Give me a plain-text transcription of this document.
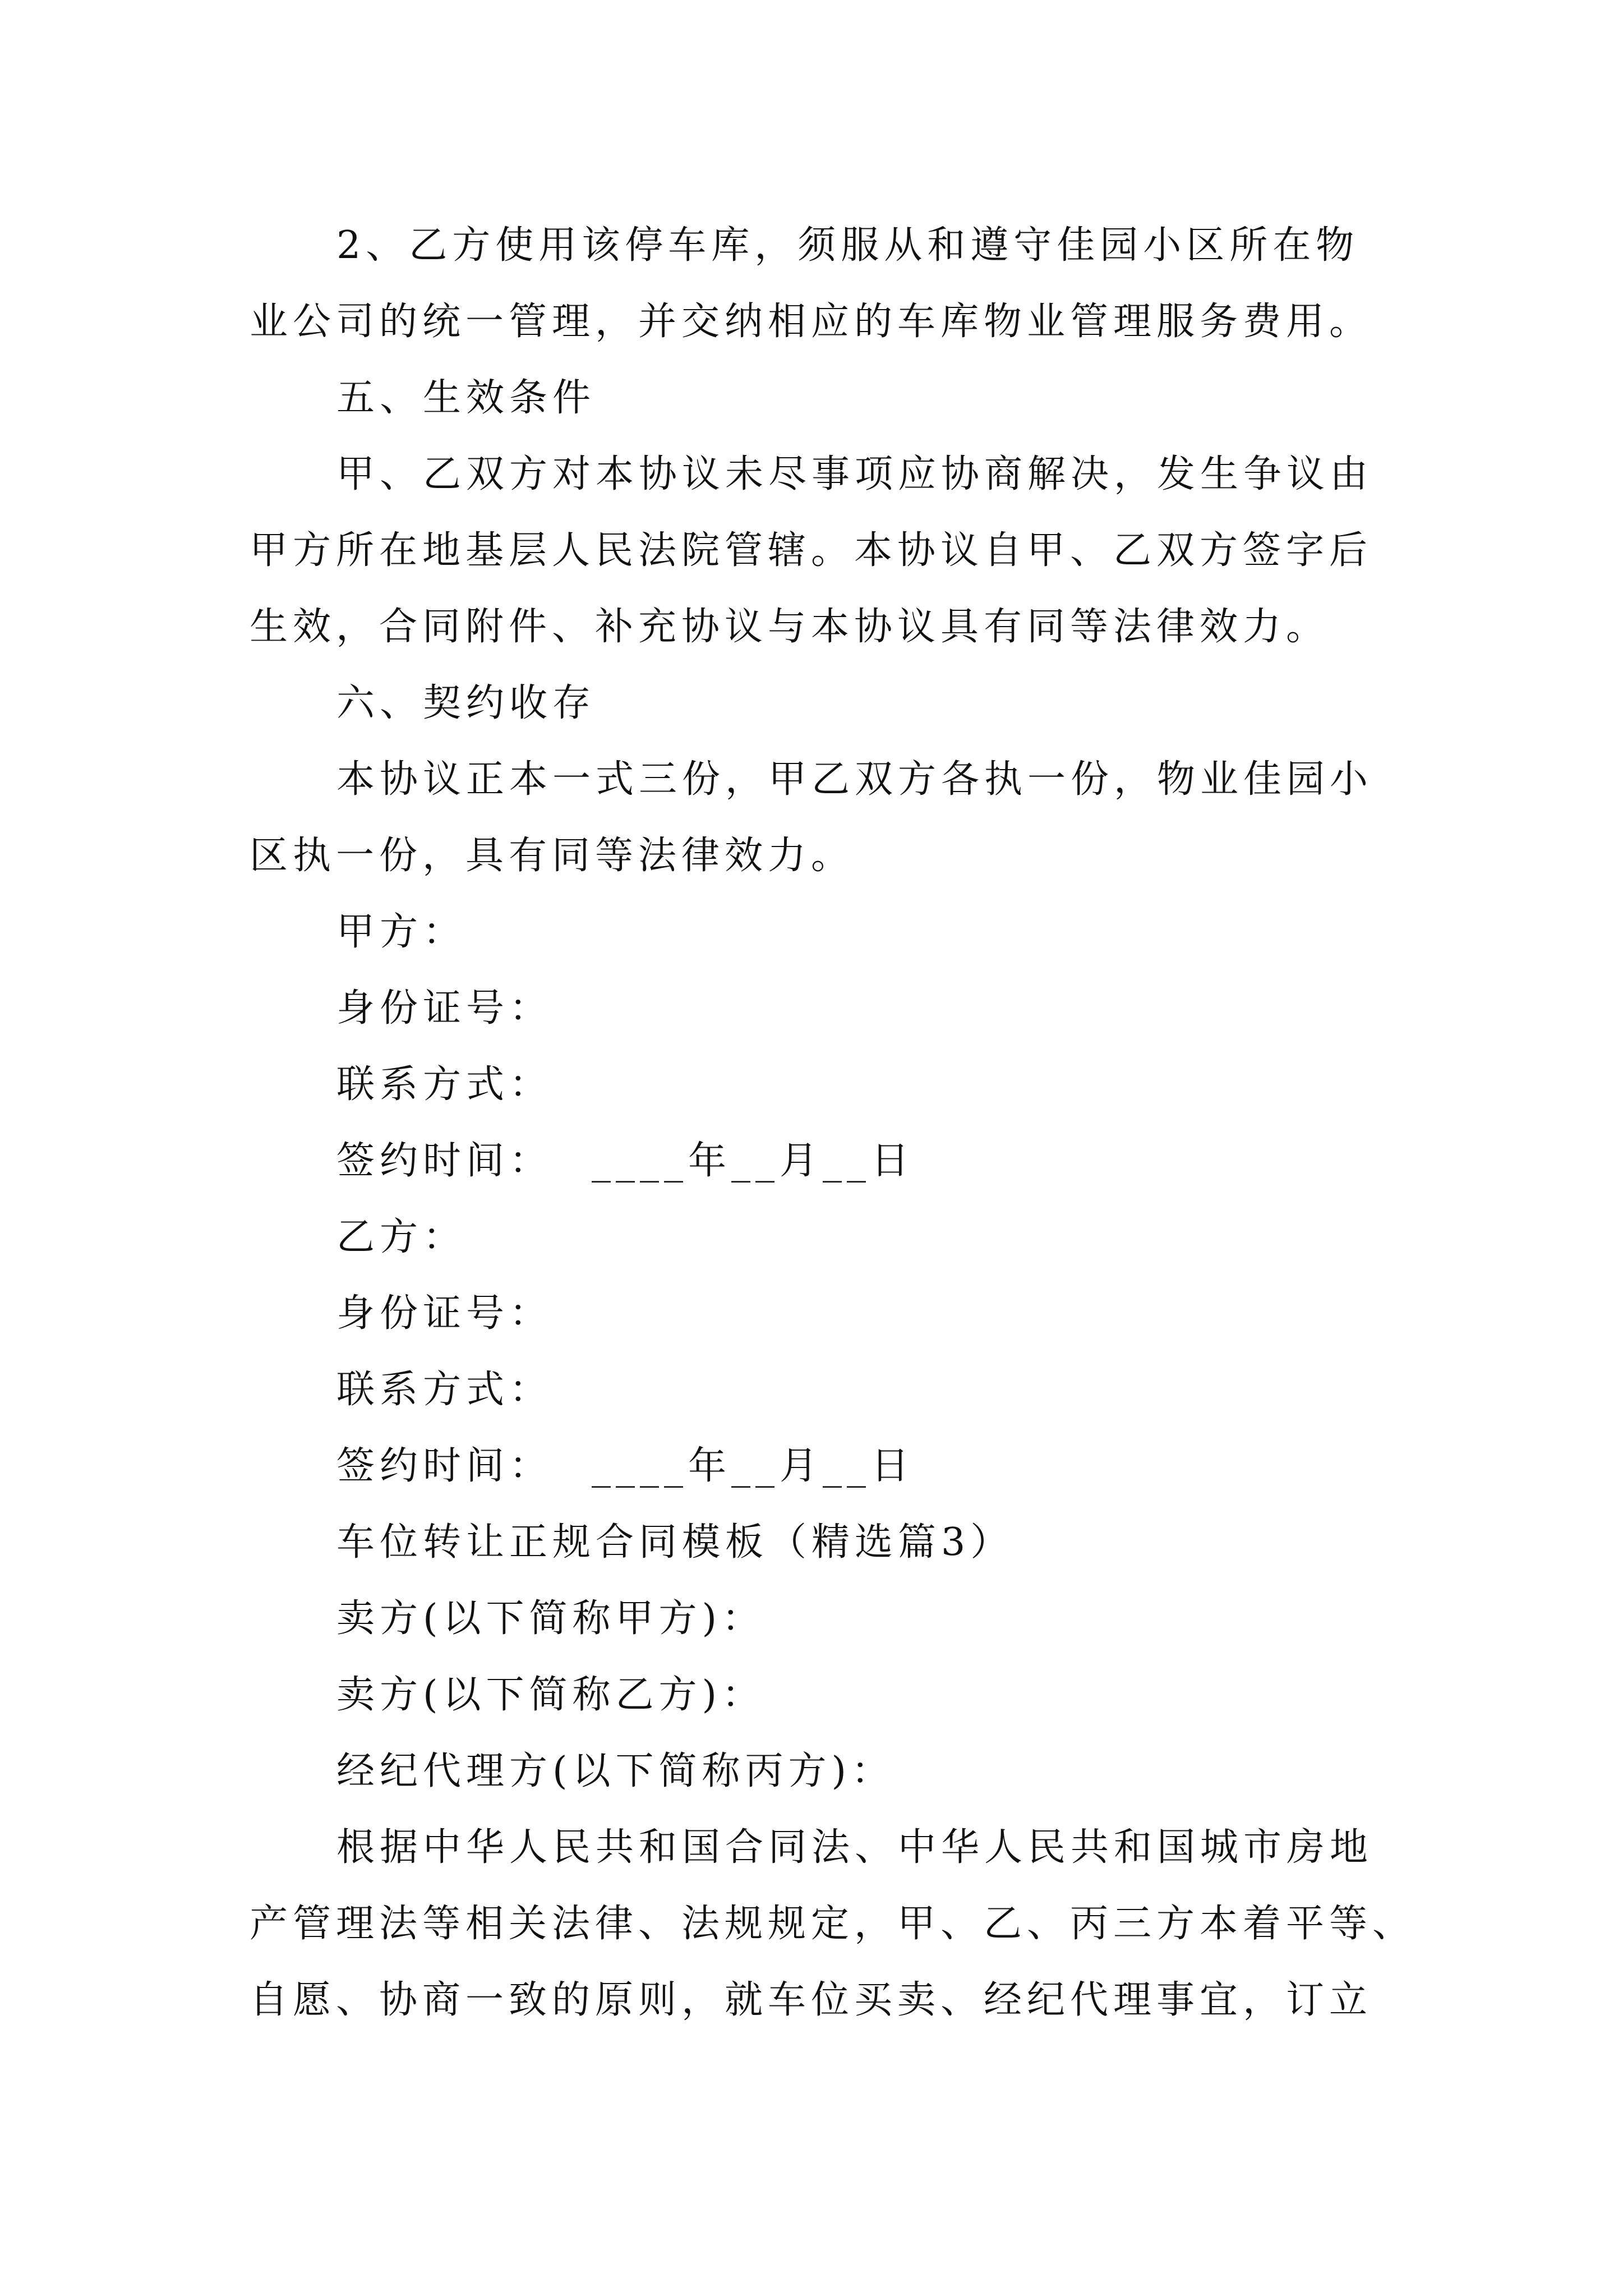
2、乙方使用该停车库，须服从和遵守佳园小区所在物

业公司的统一管理，并交纳相应的车库物业管理服务费用。

五、生效条件

甲、乙双方对本协议未尽事项应协商解决，发生争议由

甲方所在地基层人民法院管辖。本协议自甲、乙双方签字后

生效，合同附件、补充协议与本协议具有同等法律效力。

六、契约收存

本协议正本一式三份，甲乙双方各执一份，物业佳园小

区执一份，具有同等法律效力。

甲方：

身份证号：

联系方式：

签约时间： ____年__月__日

乙方：

身份证号：

联系方式：

签约时间： ____年__月__日

车位转让正规合同模板（精选篇3）

卖方(以下简称甲方)：

卖方(以下简称乙方)：

经纪代理方(以下简称丙方)：

根据中华人民共和国合同法、中华人民共和国城市房地

产管理法等相关法律、法规规定，甲、乙、丙三方本着平等、

自愿、协商一致的原则，就车位买卖、经纪代理事宜，订立
